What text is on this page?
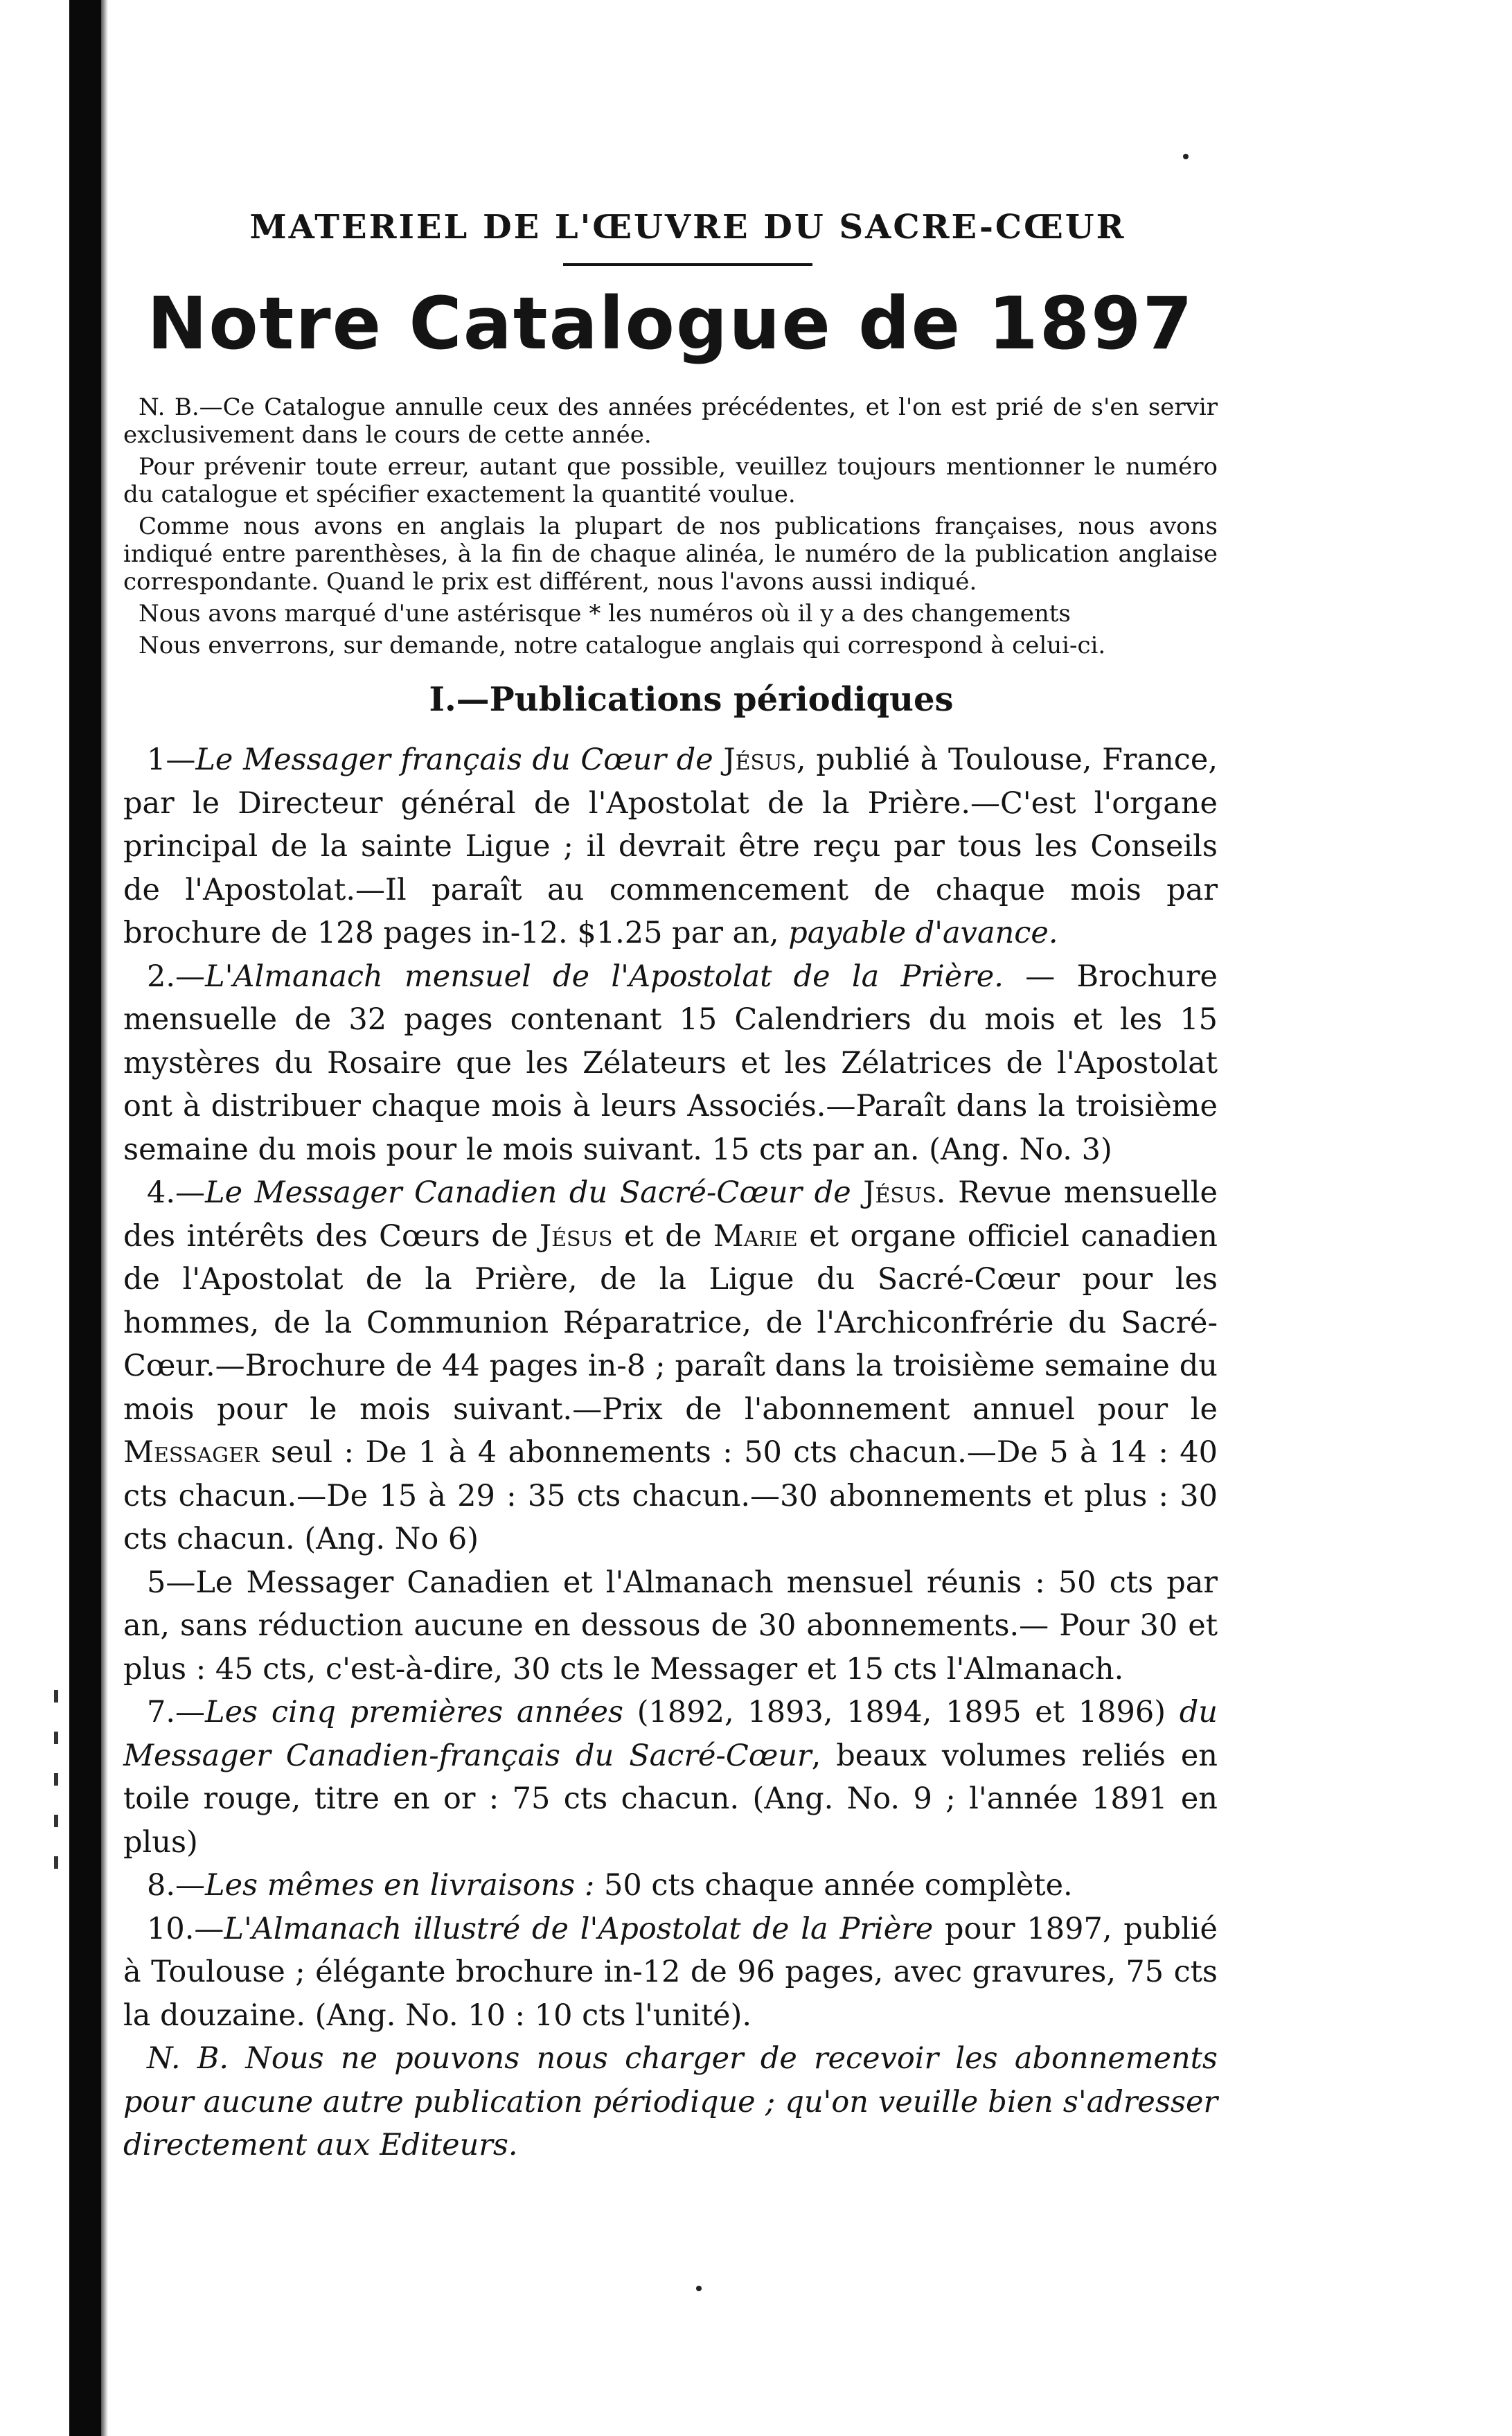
MATERIEL DE L'ŒUVRE DU SACRE-CŒUR
Notre Catalogue de 1897

N. B.—Ce Catalogue annulle ceux des années précédentes, et l'on est prié de s'en servir exclusivement dans le cours de cette année.

Pour prévenir toute erreur, autant que possible, veuillez toujours mentionner le numéro du catalogue et spécifier exactement la quantité voulue.

Comme nous avons en anglais la plupart de nos publications françaises, nous avons indiqué entre parenthèses, à la fin de chaque alinéa, le numéro de la publication anglaise correspondante. Quand le prix est différent, nous l'avons aussi indiqué.

Nous avons marqué d'une astérisque * les numéros où il y a des changements

Nous enverrons, sur demande, notre catalogue anglais qui correspond à celui-ci.

I.—Publications périodiques

1—Le Messager français du Cœur de Jésus, publié à Toulouse, France, par le Directeur général de l'Apostolat de la Prière.—C'est l'organe principal de la sainte Ligue ; il devrait être reçu par tous les Conseils de l'Apostolat.—Il paraît au commencement de chaque mois par brochure de 128 pages in-12. $1.25 par an, payable d'avance.

2.—L'Almanach mensuel de l'Apostolat de la Prière. — Brochure mensuelle de 32 pages contenant 15 Calendriers du mois et les 15 mystères du Rosaire que les Zélateurs et les Zélatrices de l'Apostolat ont à distribuer chaque mois à leurs Associés.—Paraît dans la troisième semaine du mois pour le mois suivant. 15 cts par an. (Ang. No. 3)

4.—Le Messager Canadien du Sacré-Cœur de Jésus. Revue mensuelle des intérêts des Cœurs de Jésus et de Marie et organe officiel canadien de l'Apostolat de la Prière, de la Ligue du Sacré-Cœur pour les hommes, de la Communion Réparatrice, de l'Archiconfrérie du Sacré-Cœur.—Brochure de 44 pages in-8 ; paraît dans la troisième semaine du mois pour le mois suivant.—Prix de l'abonnement annuel pour le Messager seul : De 1 à 4 abonnements : 50 cts chacun.—De 5 à 14 : 40 cts chacun.—De 15 à 29 : 35 cts chacun.—30 abonnements et plus : 30 cts chacun. (Ang. No 6)

5—Le Messager Canadien et l'Almanach mensuel réunis : 50 cts par an, sans réduction aucune en dessous de 30 abonnements.— Pour 30 et plus : 45 cts, c'est-à-dire, 30 cts le Messager et 15 cts l'Almanach.

7.—Les cinq premières années (1892, 1893, 1894, 1895 et 1896) du Messager Canadien-français du Sacré-Cœur, beaux volumes reliés en toile rouge, titre en or : 75 cts chacun. (Ang. No. 9 ; l'année 1891 en plus)

8.—Les mêmes en livraisons : 50 cts chaque année complète.

10.—L'Almanach illustré de l'Apostolat de la Prière pour 1897, publié à Toulouse ; élégante brochure in-12 de 96 pages, avec gravures, 75 cts la douzaine. (Ang. No. 10 : 10 cts l'unité).

N. B. Nous ne pouvons nous charger de recevoir les abonnements pour aucune autre publication périodique ; qu'on veuille bien s'adresser directement aux Editeurs.
